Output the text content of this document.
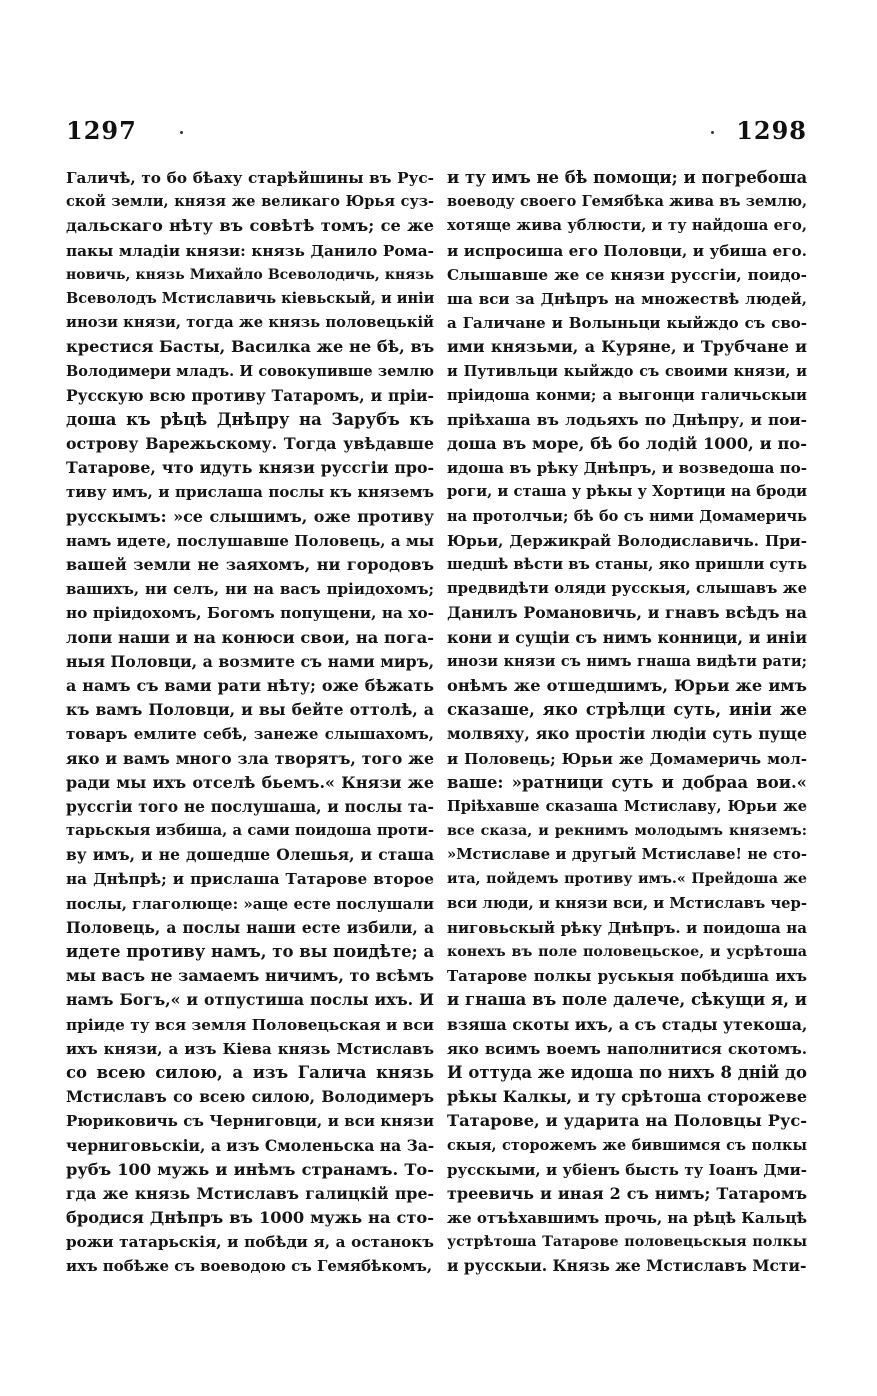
1297	1298
Галичѣ, то бо бѣаху старѣйшины въ Рус-
ской земли, князя же великаго Юрья суз-
дальскаго нѣту въ совѣтѣ томъ; се же
пакы младiи князи: князь Данило Рома-
новичь, князь Михайло Всеволодичь, князь
Всеволодъ Мстиславичь кiевьскый, и инiи
инози князи, тогда же князь половецькiй
крестися Басты, Василка же не бѣ, въ
Володимери младъ. И совокупивше землю
Русскую всю противу Татаромъ, и прiи-
доша къ рѣцѣ Днѣпру на Зарубъ къ
острову Варежьскому. Тогда увѣдавше
Татарове, что идуть князи руссгiи про-
тиву имъ, и прислаша послы къ княземъ
русскымъ: »се слышимъ, оже противу
намъ идете, послушавше Половець, а мы
вашей земли не заяхомъ, ни городовъ
вашихъ, ни селъ, ни на васъ прiидохомъ;
но прiидохомъ, Богомъ попущени, на хо-
лопи наши и на конюси свои, на пога-
ныя Половци, а возмите съ нами миръ,
а намъ съ вами рати нѣту; оже бѣжать
къ вамъ Половци, и вы бейте оттолѣ, а
товаръ емлите себѣ, занеже слышахомъ,
яко и вамъ много зла творятъ, того же
ради мы ихъ отселѣ бьемъ.« Князи же
руссгiи того не послушаша, и послы та-
тарьскыя избиша, а сами поидоша проти-
ву имъ, и не дошедше Олешья, и сташа
на Днѣпрѣ; и прислаша Татарове второе
послы, глаголюще: »аще есте послушали
Половець, а послы наши есте избили, а
идете противу намъ, то вы поидѣте; а
мы васъ не замаемъ ничимъ, то всѣмъ
намъ Богъ,« и отпустиша послы ихъ. И
прiиде ту вся земля Половецьская и вси
ихъ князи, а изъ Кiева князь Мстиславъ
со всею силою, а изъ Галича князь
Мстиславъ со всею силою, Володимеръ
Рюриковичь съ Черниговци, и вси князи
черниговьскiи, а изъ Смоленьска на За-
рубъ 100 мужь и инѣмъ странамъ. То-
гда же князь Мстиславъ галицкiй пре-
бродися Днѣпръ въ 1000 мужь на сто-
рожи татарьскiя, и побѣди я, а останокъ
ихъ побѣже съ воеводою съ Гемябѣкомъ,
и ту имъ не бѣ помощи; и погребоша
воеводу своего Гемябѣка жива въ землю,
хотяще жива ублюсти, и ту найдоша его,
и испросиша его Половци, и убиша его.
Слышавше же се князи руссгiи, поидо-
ша вси за Днѣпръ на множествѣ людей,
а Галичане и Волыньци кыйждо съ сво-
ими князьми, а Куряне, и Трубчане и
и Путивльци кыйждо съ своими князи, и
прiидоша конми; а выгонци галичьскыи
прiѣхаша въ лодьяхъ по Днѣпру, и пои-
доша въ море, бѣ бо лодiй 1000, и по-
идоша въ рѣку Днѣпръ, и возведоша по-
роги, и сташа у рѣкы у Хортици на броди
на протолчьи; бѣ бо съ ними Домамеричь
Юрьи, Держикрай Володиславичь. При-
шедшѣ вѣсти въ станы, яко пришли суть
предвидѣти оляди русскыя, слышавъ же
Данилъ Романовичь, и гнавъ вcѣдъ на
кони и сущiи съ нимъ конници, и инiи
инози князи съ нимъ гнаша видѣти рати;
онѣмъ же отшедшимъ, Юрьи же имъ
сказаше, яко стрѣлци суть, инiи же
молвяху, яко простiи людiи суть пуще
и Половець; Юрьи же Домамеричь мол-
ваше: »ратници суть и добраа вои.«
Прiѣхавше сказаша Мстиславу, Юрьи же
все сказа, и рекнимъ молодымъ княземъ:
»Мстиславе и другый Мстиславе! не сто-
ита, пойдемъ противу имъ.« Прейдоша же
вси люди, и князи вси, и Мстиславъ чер-
ниговьскый рѣку Днѣпръ. и поидоша на
конехъ въ поле половецьское, и усрѣтоша
Татарове полкы руськыя побѣдиша ихъ
и гнаша въ поле далече, сѣкущи я, и
взяша скоты ихъ, а съ стады утекоша,
яко всимъ воемъ наполнитися скотомъ.
И оттуда же идоша по нихъ 8 днiй до
рѣкы Калкы, и ту срѣтоша сторожеве
Татарове, и ударита на Половцы Рус-
скыя, сторожемъ же бившимся съ полкы
русскыми, и убiенъ бысть ту Iоанъ Дми-
треевичь и иная 2 съ нимъ; Татаромъ
же отъѣхавшимъ прочь, на рѣцѣ Кальцѣ
устрѣтоша Татарове половецьскыя полкы
и русскыи. Князь же Мстиславъ Мсти-
